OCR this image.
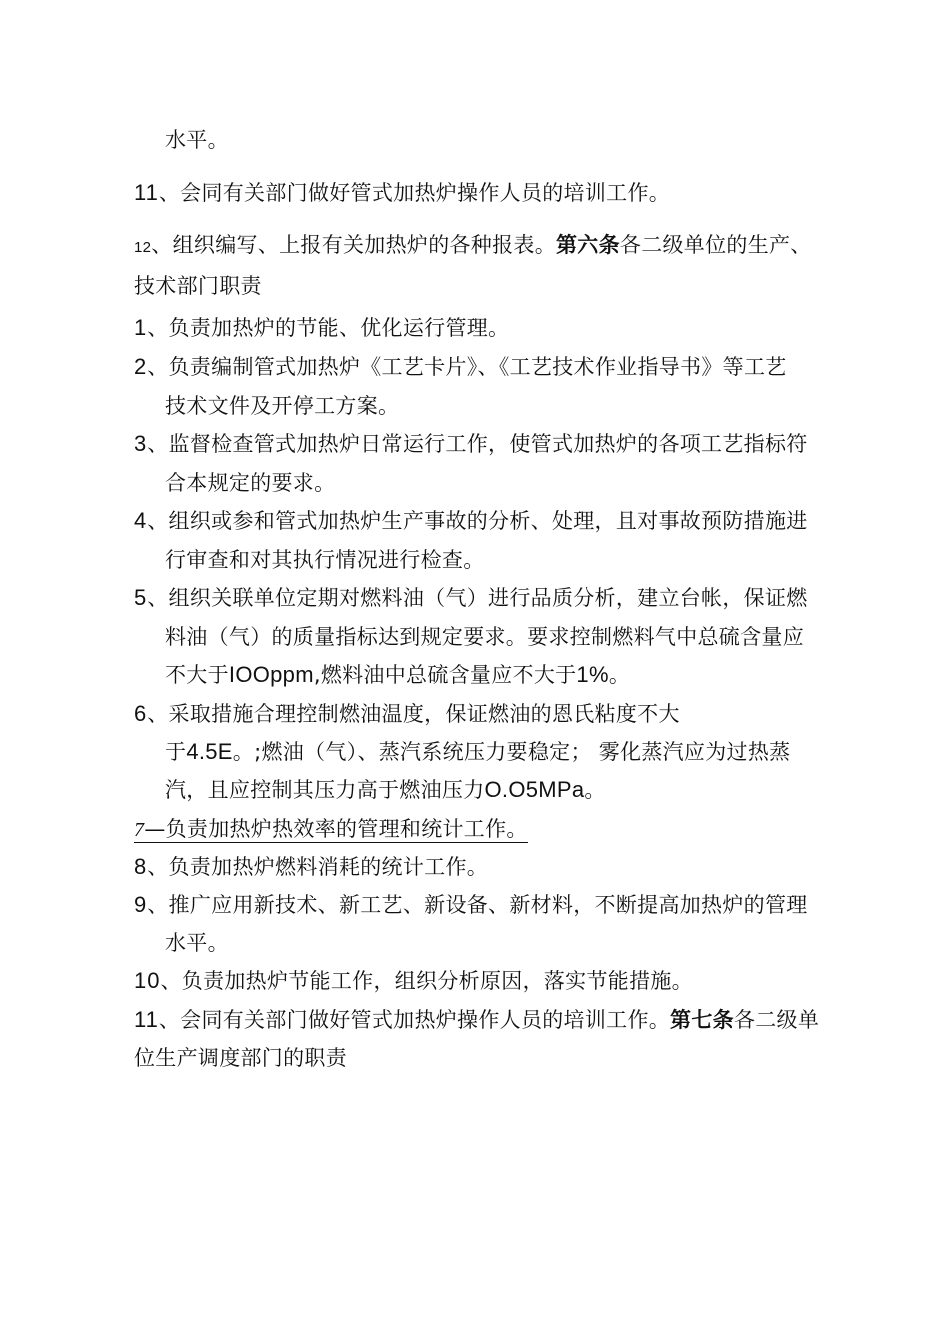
水平。
11、会同有关部门做好管式加热炉操作人员的培训工作。
12、组织编写、上报有关加热炉的各种报表。第六条各二级单位的生产、
技术部门职责
1、负责加热炉的节能、优化运行管理。
2、负责编制管式加热炉《工艺卡片》、《工艺技术作业指导书》等工艺
技术文件及开停工方案。
3、监督检查管式加热炉日常运行工作，使管式加热炉的各项工艺指标符
合本规定的要求。
4、组织或参和管式加热炉生产事故的分析、处理，且对事故预防措施进
行审查和对其执行情况进行检查。
5、组织关联单位定期对燃料油（气）进行品质分析，建立台帐，保证燃
料油（气）的质量指标达到规定要求。要求控制燃料气中总硫含量应
不大于IOOppm,燃料油中总硫含量应不大于1%。
6、采取措施合理控制燃油温度，保证燃油的恩氏粘度不大
于4.5E。;燃油（气）、蒸汽系统压力要稳定； 雾化蒸汽应为过热蒸
汽，且应控制其压力高于燃油压力O.O5MPa。
7—负责加热炉热效率的管理和统计工作。
8、负责加热炉燃料消耗的统计工作。
9、推广应用新技术、新工艺、新设备、新材料，不断提高加热炉的管理
水平。
10、负责加热炉节能工作，组织分析原因，落实节能措施。
11、会同有关部门做好管式加热炉操作人员的培训工作。第七条各二级单
位生产调度部门的职责
